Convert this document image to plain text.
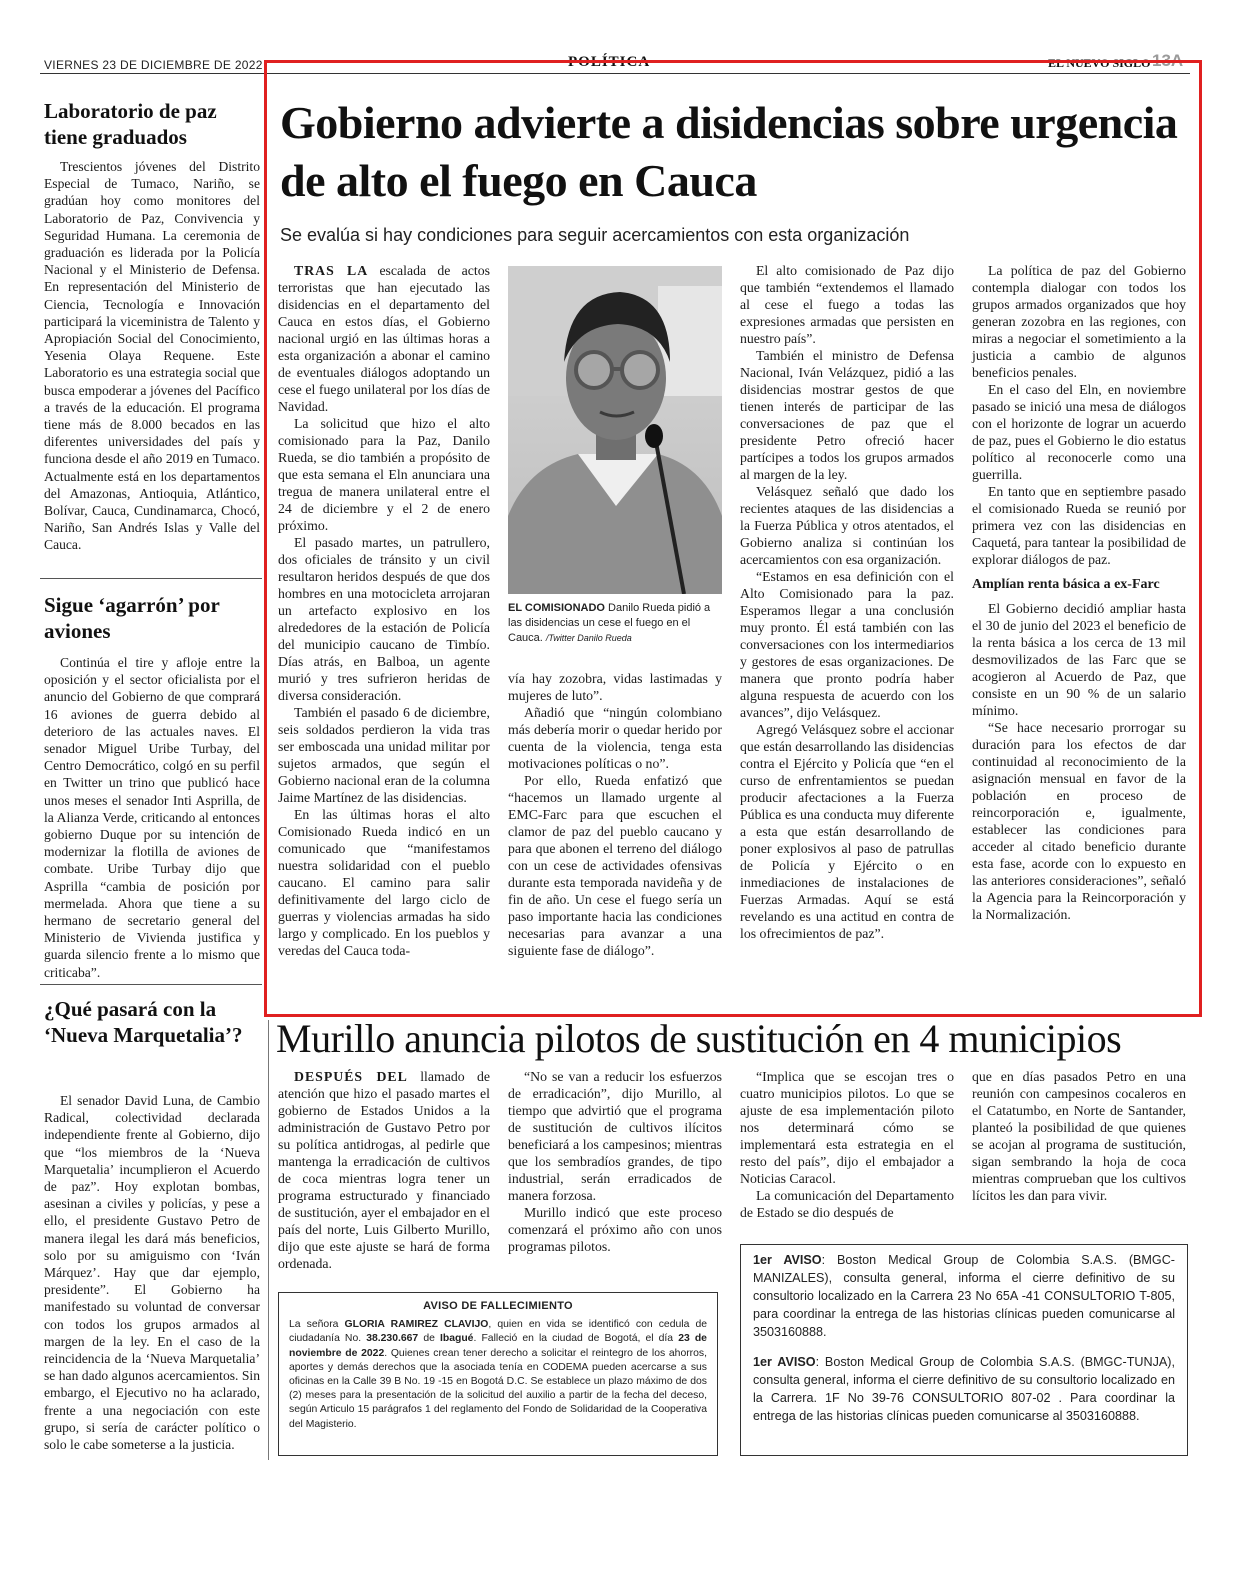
VIERNES 23 DE DICIEMBRE DE 2022	POLÍTICA	EL NUEVO SIGLO 13A
Laboratorio de paz tiene graduados
Trescientos jóvenes del Distrito Especial de Tumaco, Nariño, se gradúan hoy como monitores del Laboratorio de Paz, Convivencia y Seguridad Humana. La ceremonia de graduación es liderada por la Policía Nacional y el Ministerio de Defensa. En representación del Ministerio de Ciencia, Tecnología e Innovación participará la viceministra de Talento y Apropiación Social del Conocimiento, Yesenia Olaya Requene. Este Laboratorio es una estrategia social que busca empoderar a jóvenes del Pacífico a través de la educación. El programa tiene más de 8.000 becados en las diferentes universidades del país y funciona desde el año 2019 en Tumaco. Actualmente está en los departamentos del Amazonas, Antioquia, Atlántico, Bolívar, Cauca, Cundinamarca, Chocó, Nariño, San Andrés Islas y Valle del Cauca.
Sigue ‘agarrón’ por aviones
Continúa el tire y afloje entre la oposición y el sector oficialista por el anuncio del Gobierno de que comprará 16 aviones de guerra debido al deterioro de las actuales naves. El senador Miguel Uribe Turbay, del Centro Democrático, colgó en su perfil en Twitter un trino que publicó hace unos meses el senador Inti Asprilla, de la Alianza Verde, criticando al entonces gobierno Duque por su intención de modernizar la flotilla de aviones de combate. Uribe Turbay dijo que Asprilla “cambia de posición por mermelada. Ahora que tiene a su hermano de secretario general del Ministerio de Vivienda justifica y guarda silencio frente a lo mismo que criticaba”.
¿Qué pasará con la ‘Nueva Marquetalia’?
El senador David Luna, de Cambio Radical, colectividad declarada independiente frente al Gobierno, dijo que “los miembros de la ‘Nueva Marquetalia’ incumplieron el Acuerdo de paz”. Hoy explotan bombas, asesinan a civiles y policías, y pese a ello, el presidente Gustavo Petro de manera ilegal les dará más beneficios, solo por su amiguismo con ‘Iván Márquez’. Hay que dar ejemplo, presidente”. El Gobierno ha manifestado su voluntad de conversar con todos los grupos armados al margen de la ley. En el caso de la reincidencia de la ‘Nueva Marquetalia’ se han dado algunos acercamientos. Sin embargo, el Ejecutivo no ha aclarado, frente a una negociación con este grupo, si sería de carácter político o solo le cabe someterse a la justicia.
Gobierno advierte a disidencias sobre urgencia de alto el fuego en Cauca
Se evalúa si hay condiciones para seguir acercamientos con esta organización

TRAS LA escalada de actos terroristas que han ejecutado las disidencias en el departamento del Cauca en estos días, el Gobierno nacional urgió en las últimas horas a esta organización a abonar el camino de eventuales diálogos adoptando un cese el fuego unilateral por los días de Navidad.

La solicitud que hizo el alto comisionado para la Paz, Danilo Rueda, se dio también a propósito de que esta semana el Eln anunciara una tregua de manera unilateral entre el 24 de diciembre y el 2 de enero próximo.

El pasado martes, un patrullero, dos oficiales de tránsito y un civil resultaron heridos después de que dos hombres en una motocicleta arrojaran un artefacto explosivo en los alrededores de la estación de Policía del municipio caucano de Timbío. Días atrás, en Balboa, un agente murió y tres sufrieron heridas de diversa consideración.

También el pasado 6 de diciembre, seis soldados perdieron la vida tras ser emboscada una unidad militar por sujetos armados, que según el Gobierno nacional eran de la columna Jaime Martínez de las disidencias.

En las últimas horas el alto Comisionado Rueda indicó en un comunicado que “manifestamos nuestra solidaridad con el pueblo caucano. El camino para salir definitivamente del largo ciclo de guerras y violencias armadas ha sido largo y complicado. En los pueblos y veredas del Cauca toda-

EL COMISIONADO Danilo Rueda pidió a las disidencias un cese el fuego en el Cauca. /Twitter Danilo Rueda

vía hay zozobra, vidas lastimadas y mujeres de luto”.

Añadió que “ningún colombiano más debería morir o quedar herido por cuenta de la violencia, tenga esta motivaciones políticas o no”.

Por ello, Rueda enfatizó que “hacemos un llamado urgente al EMC-Farc para que escuchen el clamor de paz del pueblo caucano y para que abonen el terreno del diálogo con un cese de actividades ofensivas durante esta temporada navideña y de fin de año. Un cese el fuego sería un paso importante hacia las condiciones necesarias para avanzar a una siguiente fase de diálogo”.

El alto comisionado de Paz dijo que también “extendemos el llamado al cese el fuego a todas las expresiones armadas que persisten en nuestro país”.

También el ministro de Defensa Nacional, Iván Velázquez, pidió a las disidencias mostrar gestos de que tienen interés de participar de las conversaciones de paz que el presidente Petro ofreció hacer partícipes a todos los grupos armados al margen de la ley.

Velásquez señaló que dado los recientes ataques de las disidencias a la Fuerza Pública y otros atentados, el Gobierno analiza si continúan los acercamientos con esa organización.

“Estamos en esa definición con el Alto Comisionado para la paz. Esperamos llegar a una conclusión muy pronto. Él está también con las conversaciones con los intermediarios y gestores de esas organizaciones. De manera que pronto podría haber alguna respuesta de acuerdo con los avances”, dijo Velásquez.

Agregó Velásquez sobre el accionar que están desarrollando las disidencias contra el Ejército y Policía que “en el curso de enfrentamientos se puedan producir afectaciones a la Fuerza Pública es una conducta muy diferente a esta que están desarrollando de poner explosivos al paso de patrullas de Policía y Ejército o en inmediaciones de instalaciones de Fuerzas Armadas. Aquí se está revelando es una actitud en contra de los ofrecimientos de paz”.

La política de paz del Gobierno contempla dialogar con todos los grupos armados organizados que hoy generan zozobra en las regiones, con miras a negociar el sometimiento a la justicia a cambio de algunos beneficios penales.

En el caso del Eln, en noviembre pasado se inició una mesa de diálogos con el horizonte de lograr un acuerdo de paz, pues el Gobierno le dio estatus político al reconocerle como una guerrilla.

En tanto que en septiembre pasado el comisionado Rueda se reunió por primera vez con las disidencias en Caquetá, para tantear la posibilidad de explorar diálogos de paz.

Amplían renta básica a ex-Farc

El Gobierno decidió ampliar hasta el 30 de junio del 2023 el beneficio de la renta básica a los cerca de 13 mil desmovilizados de las Farc que se acogieron al Acuerdo de Paz, que consiste en un 90 % de un salario mínimo.

“Se hace necesario prorrogar su duración para los efectos de dar continuidad al reconocimiento de la asignación mensual en favor de la población en proceso de reincorporación e, igualmente, establecer las condiciones para acceder al citado beneficio durante esta fase, acorde con lo expuesto en las anteriores consideraciones”, señaló la Agencia para la Reincorporación y la Normalización.

Murillo anuncia pilotos de sustitución en 4 municipios

DESPUÉS DEL llamado de atención que hizo el pasado martes el gobierno de Estados Unidos a la administración de Gustavo Petro por su política antidrogas, al pedirle que mantenga la erradicación de cultivos de coca mientras logra tener un programa estructurado y financiado de sustitución, ayer el embajador en el país del norte, Luis Gilberto Murillo, dijo que este ajuste se hará de forma ordenada.

“No se van a reducir los esfuerzos de erradicación”, dijo Murillo, al tiempo que advirtió que el programa de sustitución de cultivos ilícitos beneficiará a los campesinos; mientras que los sembradíos grandes, de tipo industrial, serán erradicados de manera forzosa.

Murillo indicó que este proceso comenzará el próximo año con unos programas pilotos.

“Implica que se escojan tres o cuatro municipios pilotos. Lo que se ajuste de esa implementación piloto nos determinará cómo se implementará esta estrategia en el resto del país”, dijo el embajador a Noticias Caracol.

La comunicación del Departamento de Estado se dio después de

que en días pasados Petro en una reunión con campesinos cocaleros en el Catatumbo, en Norte de Santander, planteó la posibilidad de que quienes se acojan al programa de sustitución, sigan sembrando la hoja de coca mientras comprueban que los cultivos lícitos les dan para vivir.

AVISO DE FALLECIMIENTO
La señora GLORIA RAMIREZ CLAVIJO, quien en vida se identificó con cedula de ciudadanía No. 38.230.667 de Ibagué. Falleció en la ciudad de Bogotá, el día 23 de noviembre de 2022. Quienes crean tener derecho a solicitar el reintegro de los ahorros, aportes y demás derechos que la asociada tenía en CODEMA pueden acercarse a sus oficinas en la Calle 39 B No. 19 -15 en Bogotá D.C. Se establece un plazo máximo de dos (2) meses para la presentación de la solicitud del auxilio a partir de la fecha del deceso, según Articulo 15 parágrafos 1 del reglamento del Fondo de Solidaridad de la Cooperativa del Magisterio.

1er AVISO: Boston Medical Group de Colombia S.A.S. (BMGC-MANIZALES), consulta general, informa el cierre definitivo de su consultorio localizado en la Carrera 23 No 65A -41 CONSULTORIO T-805, para coordinar la entrega de las historias clínicas pueden comunicarse al 3503160888.

1er AVISO: Boston Medical Group de Colombia S.A.S. (BMGC-TUNJA), consulta general, informa el cierre definitivo de su consultorio localizado en la Carrera. 1F No 39-76 CONSULTORIO 807-02 . Para coordinar la entrega de las historias clínicas pueden comunicarse al 3503160888.
